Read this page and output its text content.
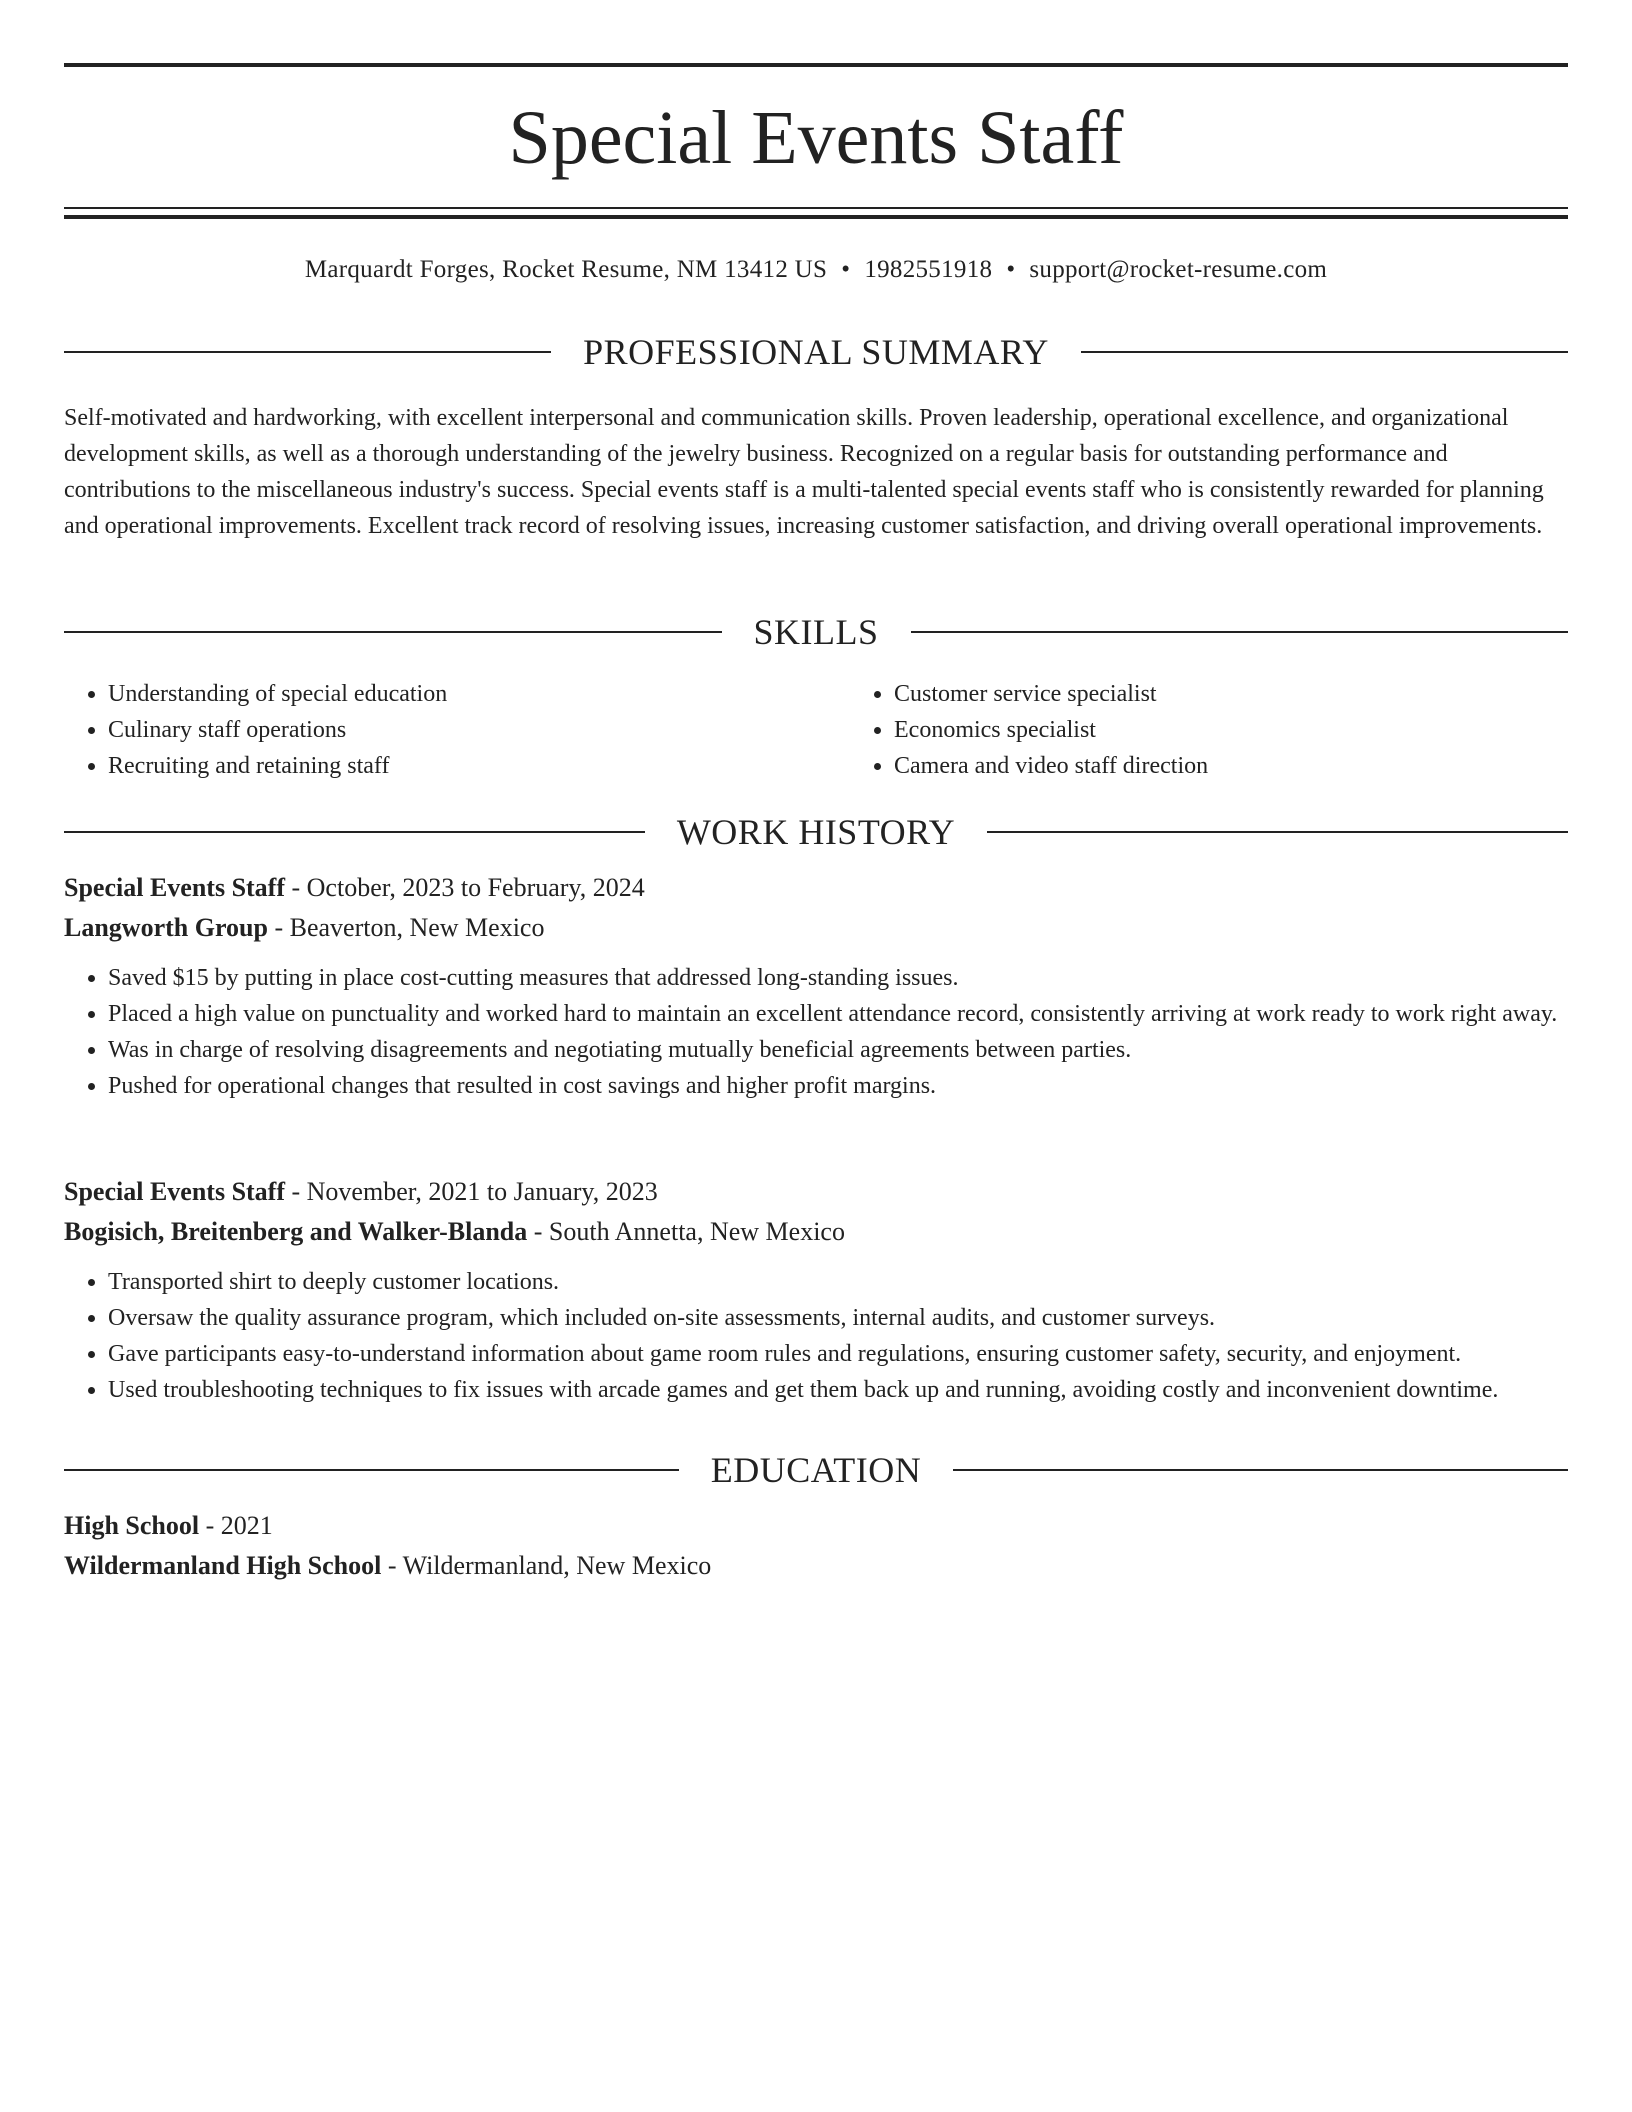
Special Events Staff
Marquardt Forges, Rocket Resume, NM 13412 US • 1982551918 • support@rocket-resume.com
PROFESSIONAL SUMMARY

Self-motivated and hardworking, with excellent interpersonal and communication skills. Proven leadership, operational excellence, and organizational development skills, as well as a thorough understanding of the jewelry business. Recognized on a regular basis for outstanding performance and contributions to the miscellaneous industry's success. Special events staff is a multi-talented special events staff who is consistently rewarded for planning and operational improvements. Excellent track record of resolving issues, increasing customer satisfaction, and driving overall operational improvements.

SKILLS
• Understanding of special education
• Culinary staff operations
• Recruiting and retaining staff
• Customer service specialist
• Economics specialist
• Camera and video staff direction
WORK HISTORY
Special Events Staff - October, 2023 to February, 2024
Langworth Group - Beaverton, New Mexico
• Saved $15 by putting in place cost-cutting measures that addressed long-standing issues.
• Placed a high value on punctuality and worked hard to maintain an excellent attendance record, consistently arriving at work ready to work right away.
• Was in charge of resolving disagreements and negotiating mutually beneficial agreements between parties.
• Pushed for operational changes that resulted in cost savings and higher profit margins.
Special Events Staff - November, 2021 to January, 2023
Bogisich, Breitenberg and Walker-Blanda - South Annetta, New Mexico
• Transported shirt to deeply customer locations.
• Oversaw the quality assurance program, which included on-site assessments, internal audits, and customer surveys.
• Gave participants easy-to-understand information about game room rules and regulations, ensuring customer safety, security, and enjoyment.
• Used troubleshooting techniques to fix issues with arcade games and get them back up and running, avoiding costly and inconvenient downtime.
EDUCATION
High School - 2021
Wildermanland High School - Wildermanland, New Mexico
